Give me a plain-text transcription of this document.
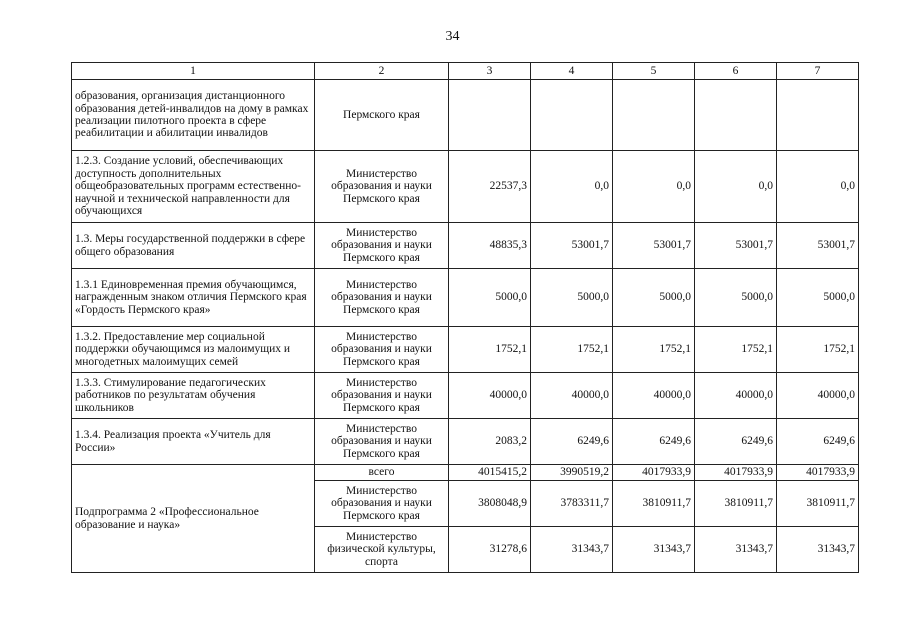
34
1	2	3	4	5	6	7
образования, организация дистанционного образования детей-инвалидов на дому в рамках реализации пилотного проекта в сфере реабилитации и абилитации инвалидов	Пермского края					
1.2.3. Создание условий, обеспечивающих доступность дополнительных общеобразовательных программ естественно-научной и технической направленности для обучающихся	Министерство образования и науки Пермского края	22537,3	0,0	0,0	0,0	0,0
1.3. Меры государственной поддержки в сфере общего образования	Министерство образования и науки Пермского края	48835,3	53001,7	53001,7	53001,7	53001,7
1.3.1 Единовременная премия обучающимся, награжденным знаком отличия Пермского края «Гордость Пермского края»	Министерство образования и науки Пермского края	5000,0	5000,0	5000,0	5000,0	5000,0
1.3.2. Предоставление мер социальной поддержки обучающимся из малоимущих и многодетных малоимущих семей	Министерство образования и науки Пермского края	1752,1	1752,1	1752,1	1752,1	1752,1
1.3.3. Стимулирование педагогических работников по результатам обучения школьников	Министерство образования и науки Пермского края	40000,0	40000,0	40000,0	40000,0	40000,0
1.3.4. Реализация проекта «Учитель для России»	Министерство образования и науки Пермского края	2083,2	6249,6	6249,6	6249,6	6249,6
Подпрограмма 2 «Профессиональное образование и наука»	всего	4015415,2	3990519,2	4017933,9	4017933,9	4017933,9
	Министерство образования и науки Пермского края	3808048,9	3783311,7	3810911,7	3810911,7	3810911,7
	Министерство физической культуры, спорта	31278,6	31343,7	31343,7	31343,7	31343,7
